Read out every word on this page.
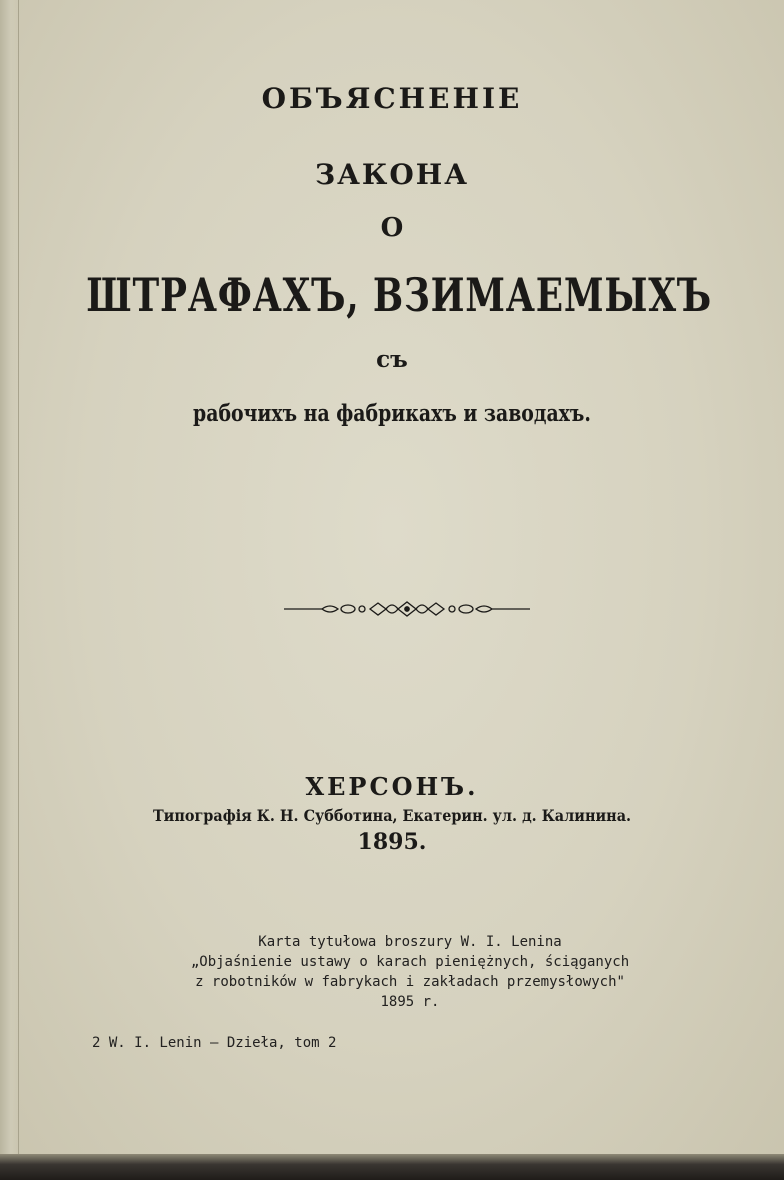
ОБЪЯСНЕНІЕ
ЗАКОНА
О
ШТРАФАХЪ, ВЗИМАЕМЫХЪ
съ
рабочихъ на фабрикахъ и заводахъ.
ХЕРСОНЪ.
Типографія К. Н. Субботина, Екатерин. ул. д. Калинина.
1895.
Karta tytułowa broszury W. I. Lenina
„Objaśnienie ustawy o karach pieniężnych, ściąganych
z robotników w fabrykach i zakładach przemysłowych"
1895 r.
2 W. I. Lenin — Dzieła, tom 2
